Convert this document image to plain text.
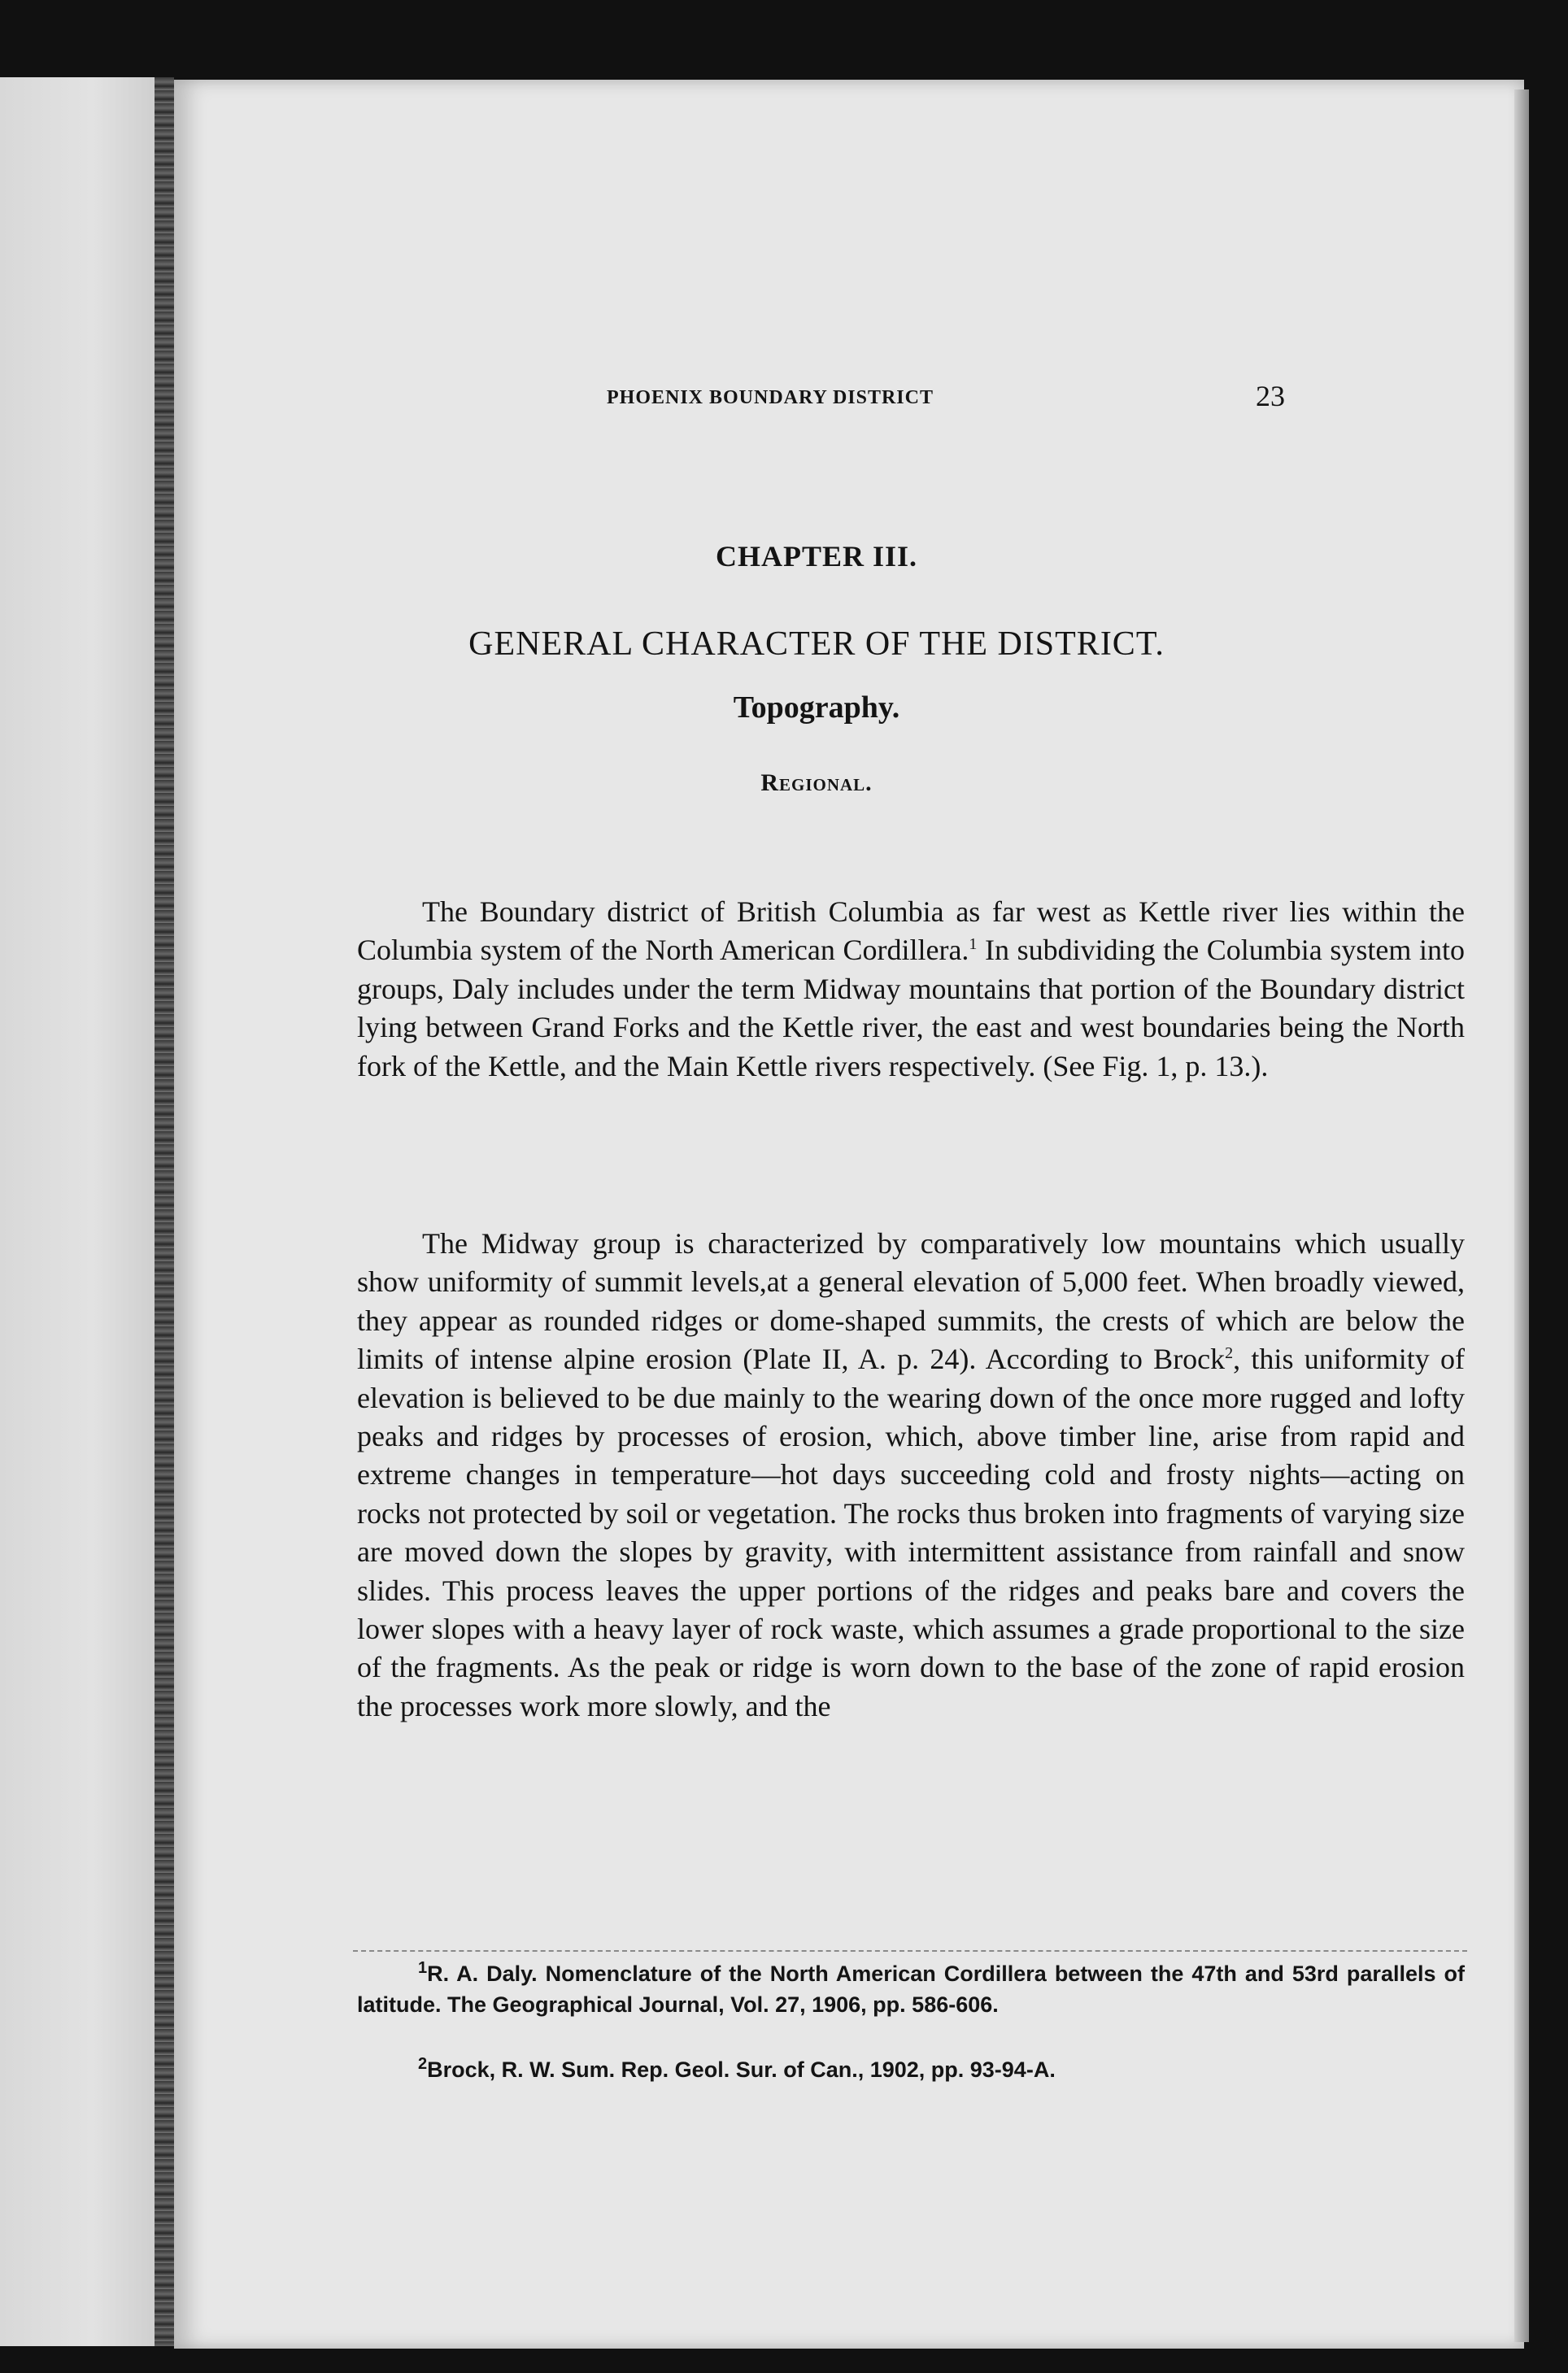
PHOENIX BOUNDARY DISTRICT	23
CHAPTER III.
GENERAL CHARACTER OF THE DISTRICT.
Topography.
Regional.

The Boundary district of British Columbia as far west as Kettle river lies within the Columbia system of the North American Cordillera.$^1$ In subdividing the Columbia system into groups, Daly includes under the term Midway mountains that portion of the Boundary district lying between Grand Forks and the Kettle river, the east and west boundaries being the North fork of the Kettle, and the Main Kettle rivers respectively. (See Fig. 1, p. 13.).

The Midway group is characterized by comparatively low mountains which usually show uniformity of summit levels,at a general elevation of 5,000 feet. When broadly viewed, they appear as rounded ridges or dome-shaped summits, the crests of which are below the limits of intense alpine erosion (Plate II, A. p. 24). According to Brock$^2$, this uniformity of elevation is believed to be due mainly to the wearing down of the once more rugged and lofty peaks and ridges by processes of erosion, which, above timber line, arise from rapid and extreme changes in temperature—hot days succeeding cold and frosty nights—acting on rocks not protected by soil or vegetation. The rocks thus broken into fragments of varying size are moved down the slopes by gravity, with intermittent assistance from rainfall and snow slides. This process leaves the upper portions of the ridges and peaks bare and covers the lower slopes with a heavy layer of rock waste, which assumes a grade proportional to the size of the fragments. As the peak or ridge is worn down to the base of the zone of rapid erosion the processes work more slowly, and the

$^1$R. A. Daly. Nomenclature of the North American Cordillera between the 47th and 53rd parallels of latitude. The Geographical Journal, Vol. 27, 1906, pp. 586-606.

$^2$Brock, R. W. Sum. Rep. Geol. Sur. of Can., 1902, pp. 93-94-A.
